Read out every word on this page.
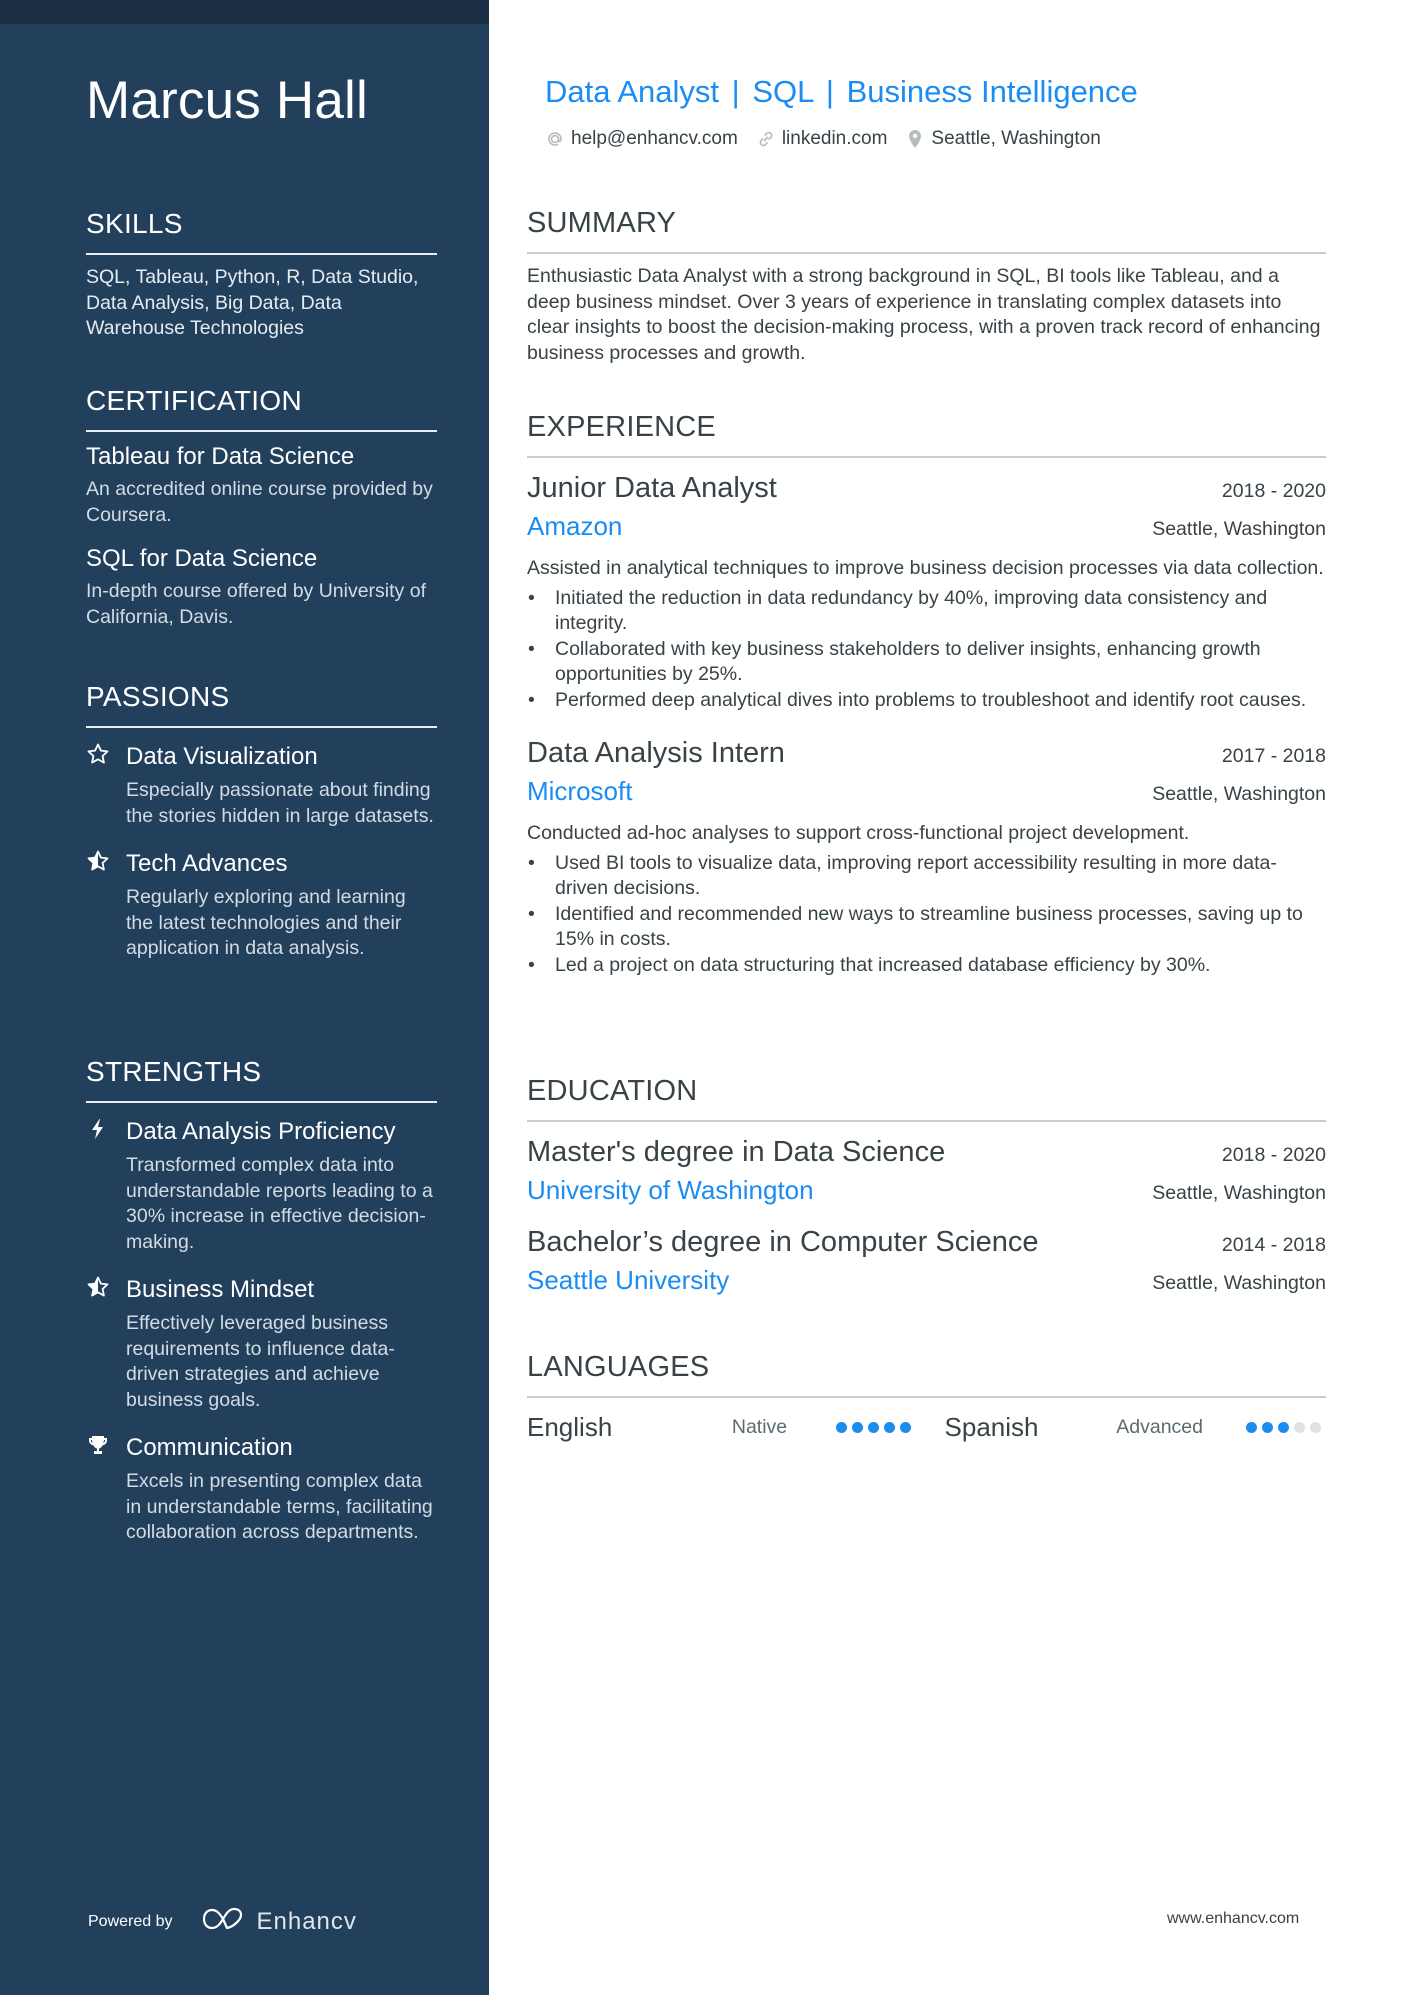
Marcus Hall
SKILLS
SQL, Tableau, Python, R, Data Studio, Data Analysis, Big Data, Data Warehouse Technologies
CERTIFICATION
Tableau for Data Science
An accredited online course provided by Coursera.
SQL for Data Science
In-depth course offered by University of California, Davis.
PASSIONS
Data Visualization
Especially passionate about finding the stories hidden in large datasets.
Tech Advances
Regularly exploring and learning the latest technologies and their application in data analysis.
STRENGTHS
Data Analysis Proficiency
Transformed complex data into understandable reports leading to a 30% increase in effective decision-making.
Business Mindset
Effectively leveraged business requirements to influence data-driven strategies and achieve business goals.
Communication
Excels in presenting complex data in understandable terms, facilitating collaboration across departments.
Powered by	Enhancv
Data Analyst | SQL | Business Intelligence
help@enhancv.com linkedin.com Seattle, Washington
SUMMARY

Enthusiastic Data Analyst with a strong background in SQL, BI tools like Tableau, and a deep business mindset. Over 3 years of experience in translating complex datasets into clear insights to boost the decision-making process, with a proven track record of enhancing business processes and growth.

EXPERIENCE
Junior Data Analyst	2018 - 2020
Amazon	Seattle, Washington

Assisted in analytical techniques to improve business decision processes via data collection.

• Initiated the reduction in data redundancy by 40%, improving data consistency and integrity.
• Collaborated with key business stakeholders to deliver insights, enhancing growth opportunities by 25%.
• Performed deep analytical dives into problems to troubleshoot and identify root causes.
Data Analysis Intern	2017 - 2018
Microsoft	Seattle, Washington

Conducted ad-hoc analyses to support cross-functional project development.

• Used BI tools to visualize data, improving report accessibility resulting in more data-driven decisions.
• Identified and recommended new ways to streamline business processes, saving up to 15% in costs.
• Led a project on data structuring that increased database efficiency by 30%.
EDUCATION
Master's degree in Data Science	2018 - 2020
University of Washington	Seattle, Washington
Bachelor’s degree in Computer Science	2014 - 2018
Seattle University	Seattle, Washington
LANGUAGES
English	Native	Spanish	Advanced
www.enhancv.com
